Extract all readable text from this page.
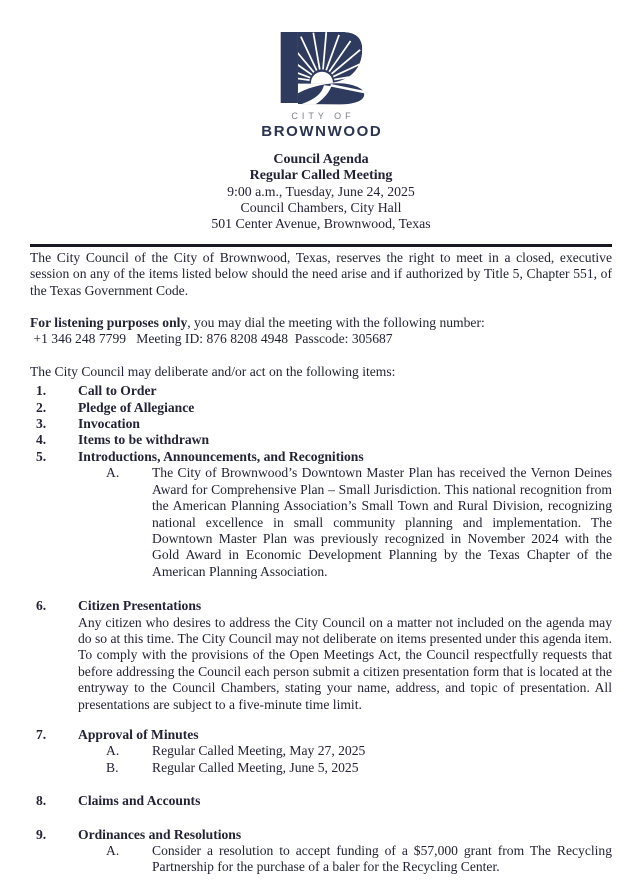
CITY OF
BROWNWOOD
Council Agenda
Regular Called Meeting
9:00 a.m., Tuesday, June 24, 2025
Council Chambers, City Hall
501 Center Avenue, Brownwood, Texas

The City Council of the City of Brownwood, Texas, reserves the right to meet in a closed, executive session on any of the items listed below should the need arise and if authorized by Title 5, Chapter 551, of the Texas Government Code.

For listening purposes only, you may dial the meeting with the following number:

+1 346 248 7799   Meeting ID: 876 8208 4948  Passcode: 305687

The City Council may deliberate and/or act on the following items:

1. Call to Order
2. Pledge of Allegiance
3. Invocation
4. Items to be withdrawn
5. Introductions, Announcements, and Recognitions
A. The City of Brownwood’s Downtown Master Plan has received the Vernon Deines Award for Comprehensive Plan – Small Jurisdiction. This national recognition from the American Planning Association’s Small Town and Rural Division, recognizing national excellence in small community planning and implementation. The Downtown Master Plan was previously recognized in November 2024 with the Gold Award in Economic Development Planning by the Texas Chapter of the American Planning Association.
6. Citizen Presentations
Any citizen who desires to address the City Council on a matter not included on the agenda may do so at this time. The City Council may not deliberate on items presented under this agenda item. To comply with the provisions of the Open Meetings Act, the Council respectfully requests that before addressing the Council each person submit a citizen presentation form that is located at the entryway to the Council Chambers, stating your name, address, and topic of presentation. All presentations are subject to a five-minute time limit.
7. Approval of Minutes
A. Regular Called Meeting, May 27, 2025
B. Regular Called Meeting, June 5, 2025
8. Claims and Accounts
9. Ordinances and Resolutions
A. Consider a resolution to accept funding of a $57,000 grant from The Recycling Partnership for the purchase of a baler for the Recycling Center.
